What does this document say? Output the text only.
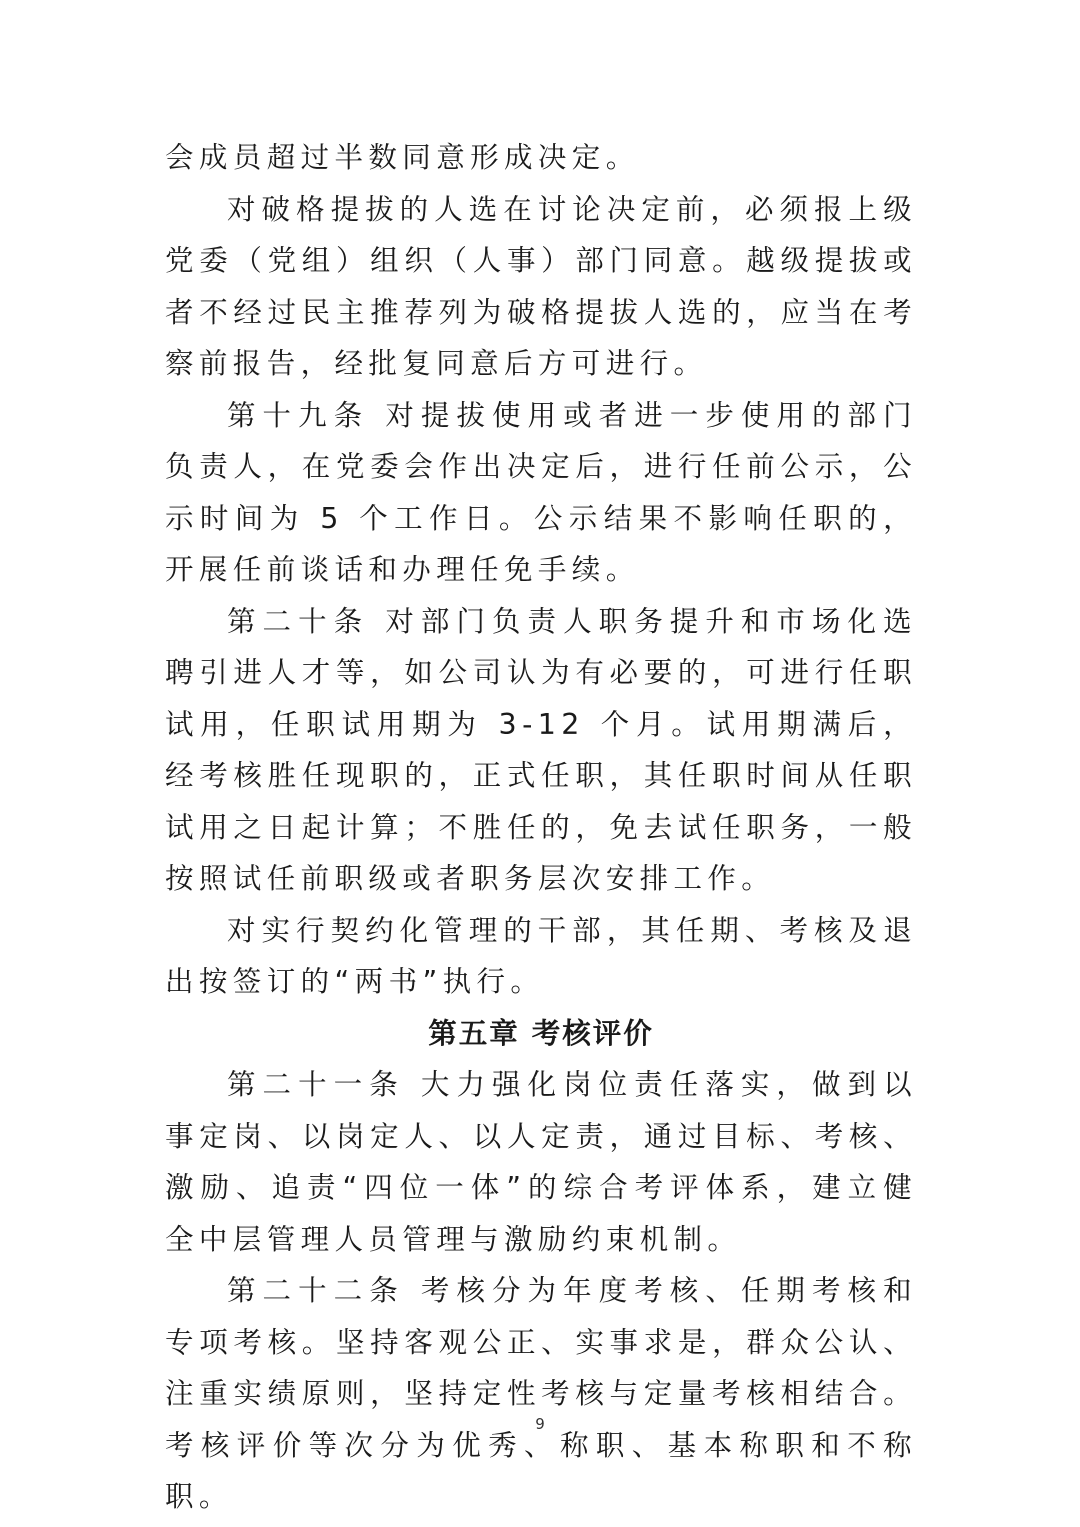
会成员超过半数同意形成决定。

对破格提拔的人选在讨论决定前，必须报上级党委（党组）组织（人事）部门同意。越级提拔或者不经过民主推荐列为破格提拔人选的，应当在考察前报告，经批复同意后方可进行。

第十九条 对提拔使用或者进一步使用的部门负责人，在党委会作出决定后，进行任前公示，公示时间为 5 个工作日。公示结果不影响任职的，开展任前谈话和办理任免手续。

第二十条 对部门负责人职务提升和市场化选聘引进人才等，如公司认为有必要的，可进行任职试用，任职试用期为 3-12 个月。试用期满后，经考核胜任现职的，正式任职，其任职时间从任职试用之日起计算；不胜任的，免去试任职务，一般按照试任前职级或者职务层次安排工作。

对实行契约化管理的干部，其任期、考核及退出按签订的“两书”执行。

第五章 考核评价

第二十一条 大力强化岗位责任落实，做到以事定岗、以岗定人、以人定责，通过目标、考核、激励、追责“四位一体”的综合考评体系，建立健全中层管理人员管理与激励约束机制。

第二十二条 考核分为年度考核、任期考核和专项考核。坚持客观公正、实事求是，群众公认、注重实绩原则，坚持定性考核与定量考核相结合。考核评价等次分为优秀、称职、基本称职和不称职。

9
